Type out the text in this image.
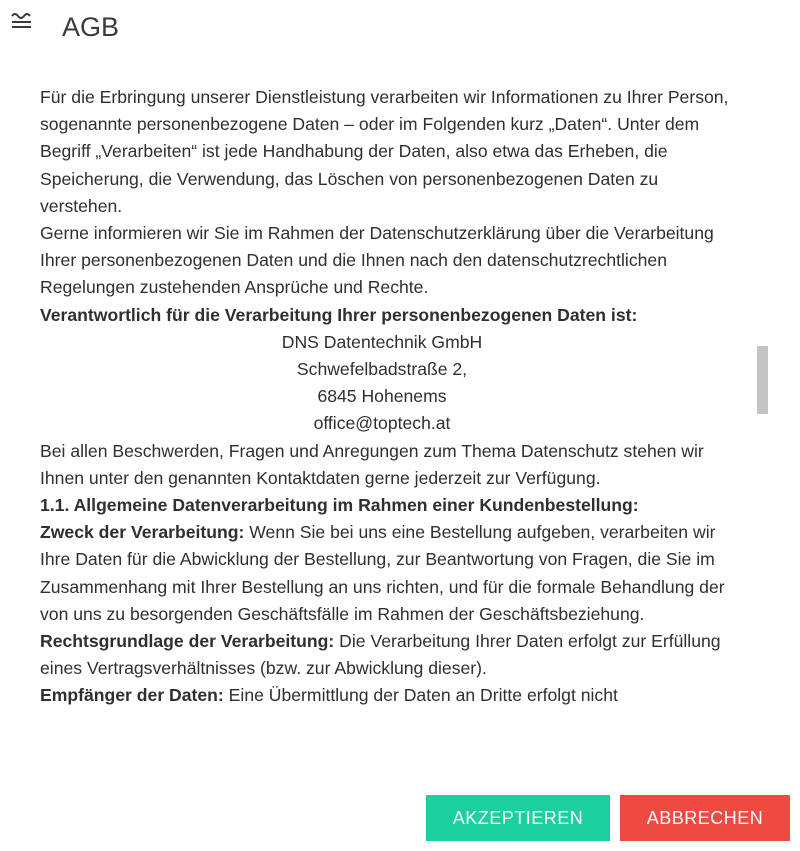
AGB

Für die Erbringung unserer Dienstleistung verarbeiten wir Informationen zu Ihrer Person, sogenannte personenbezogene Daten – oder im Folgenden kurz „Daten“. Unter dem Begriff „Verarbeiten“ ist jede Handhabung der Daten, also etwa das Erheben, die Speicherung, die Verwendung, das Löschen von personenbezogenen Daten zu verstehen.

Gerne informieren wir Sie im Rahmen der Datenschutzerklärung über die Verarbeitung Ihrer personenbezogenen Daten und die Ihnen nach den datenschutzrechtlichen Regelungen zustehenden Ansprüche und Rechte.

Verantwortlich für die Verarbeitung Ihrer personenbezogenen Daten ist:

DNS Datentechnik GmbH

Schwefelbadstraße 2,

6845 Hohenems

office@toptech.at

Bei allen Beschwerden, Fragen und Anregungen zum Thema Datenschutz stehen wir Ihnen unter den genannten Kontaktdaten gerne jederzeit zur Verfügung.

1.1. Allgemeine Datenverarbeitung im Rahmen einer Kundenbestellung:

Zweck der Verarbeitung: Wenn Sie bei uns eine Bestellung aufgeben, verarbeiten wir Ihre Daten für die Abwicklung der Bestellung, zur Beantwortung von Fragen, die Sie im Zusammenhang mit Ihrer Bestellung an uns richten, und für die formale Behandlung der von uns zu besorgenden Geschäftsfälle im Rahmen der Geschäftsbeziehung.

Rechtsgrundlage der Verarbeitung: Die Verarbeitung Ihrer Daten erfolgt zur Erfüllung eines Vertragsverhältnisses (bzw. zur Abwicklung dieser).

Empfänger der Daten: Eine Übermittlung der Daten an Dritte erfolgt nicht

AKZEPTIEREN	ABBRECHEN
